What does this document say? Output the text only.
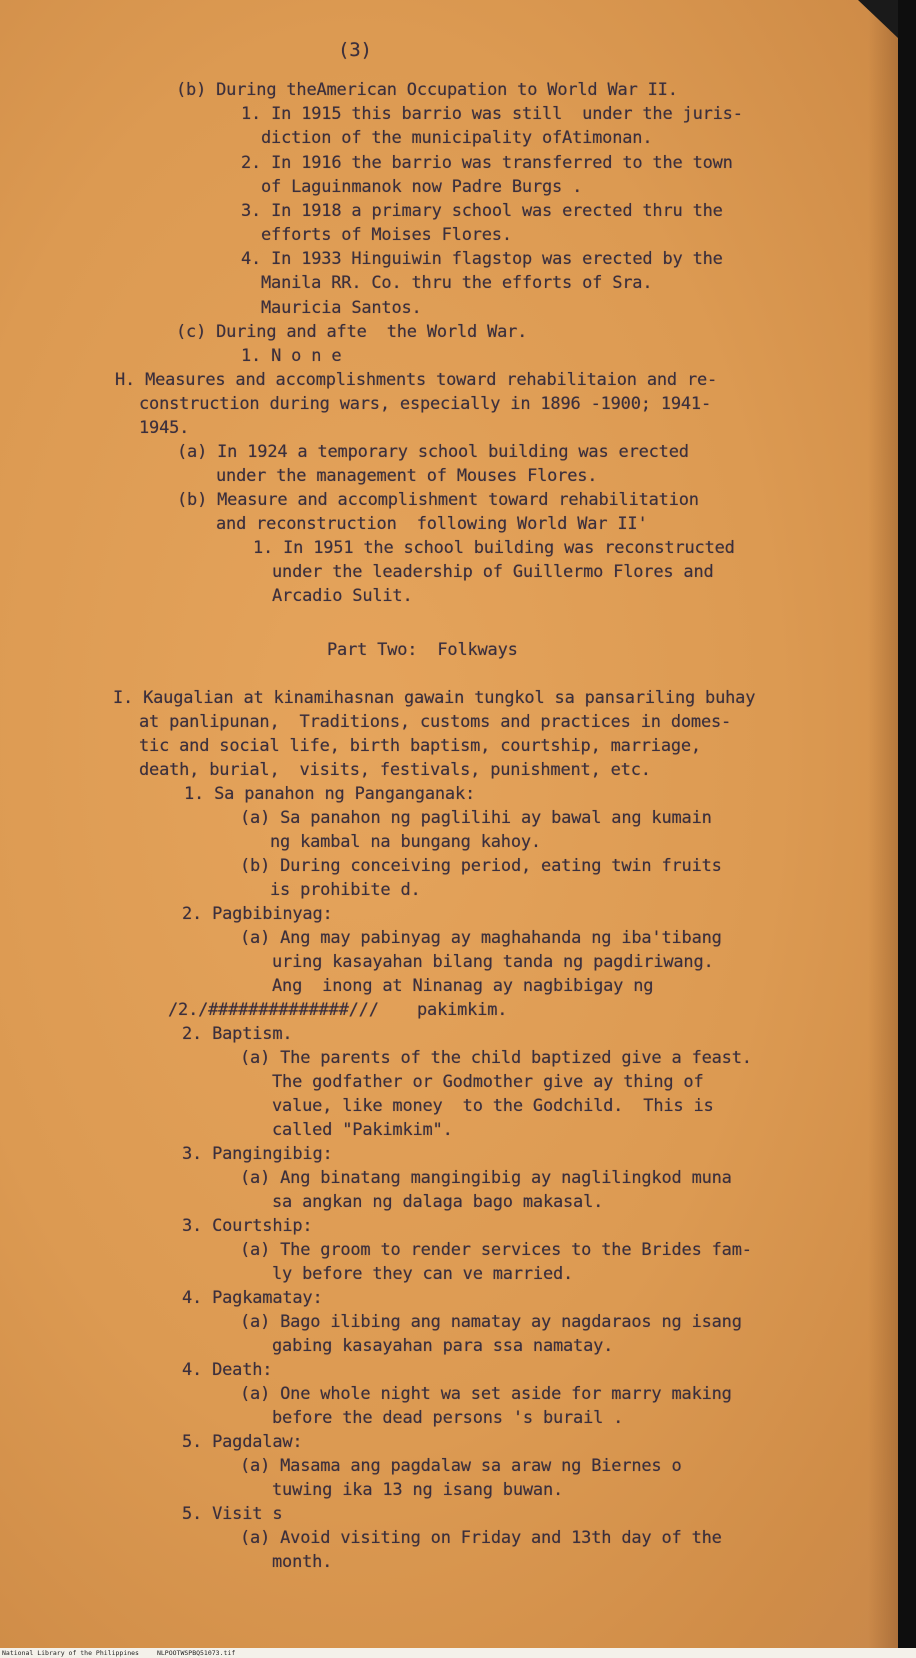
(3)
(b) During theAmerican Occupation to World War II.
1. In 1915 this barrio was still  under the juris-
diction of the municipality ofAtimonan.
2. In 1916 the barrio was transferred to the town
of Laguinmanok now Padre Burgs .
3. In 1918 a primary school was erected thru the
efforts of Moises Flores.
4. In 1933 Hinguiwin flagstop was erected by the
Manila RR. Co. thru the efforts of Sra.
Mauricia Santos.
(c) During and afte  the World War.
1. N o n e
H. Measures and accomplishments toward rehabilitaion and re-
construction during wars, especially in 1896 -1900; 1941-
1945.
(a) In 1924 a temporary school building was erected
under the management of Mouses Flores.
(b) Measure and accomplishment toward rehabilitation
and reconstruction  following World War II'
1. In 1951 the school building was reconstructed
under the leadership of Guillermo Flores and
Arcadio Sulit.
Part Two:  Folkways
I. Kaugalian at kinamihasnan gawain tungkol sa pansariling buhay
at panlipunan,  Traditions, customs and practices in domes-
tic and social life, birth baptism, courtship, marriage,
death, burial,  visits, festivals, punishment, etc.
1. Sa panahon ng Panganganak:
(a) Sa panahon ng paglilihi ay bawal ang kumain
ng kambal na bungang kahoy.
(b) During conceiving period, eating twin fruits
is prohibite d.
2. Pagbibinyag:
(a) Ang may pabinyag ay maghahanda ng iba'tibang
uring kasayahan bilang tanda ng pagdiriwang.
Ang  inong at Ninanag ay nagbibigay ng
/2./##############/// pakimkim.
2. Baptism.
(a) The parents of the child baptized give a feast.
The godfather or Godmother give ay thing of
value, like money  to the Godchild.  This is
called "Pakimkim".
3. Pangingibig:
(a) Ang binatang mangingibig ay naglilingkod muna
sa angkan ng dalaga bago makasal.
3. Courtship:
(a) The groom to render services to the Brides fam-
ly before they can ve married.
4. Pagkamatay:
(a) Bago ilibing ang namatay ay nagdaraos ng isang
gabing kasayahan para ssa namatay.
4. Death:
(a) One whole night wa set aside for marry making
before the dead persons 's burail .
5. Pagdalaw:
(a) Masama ang pagdalaw sa araw ng Biernes o
tuwing ika 13 ng isang buwan.
5. Visit s
(a) Avoid visiting on Friday and 13th day of the
month.
National Library of the Philippines	NLPOOTWSPBQ51073.tif
